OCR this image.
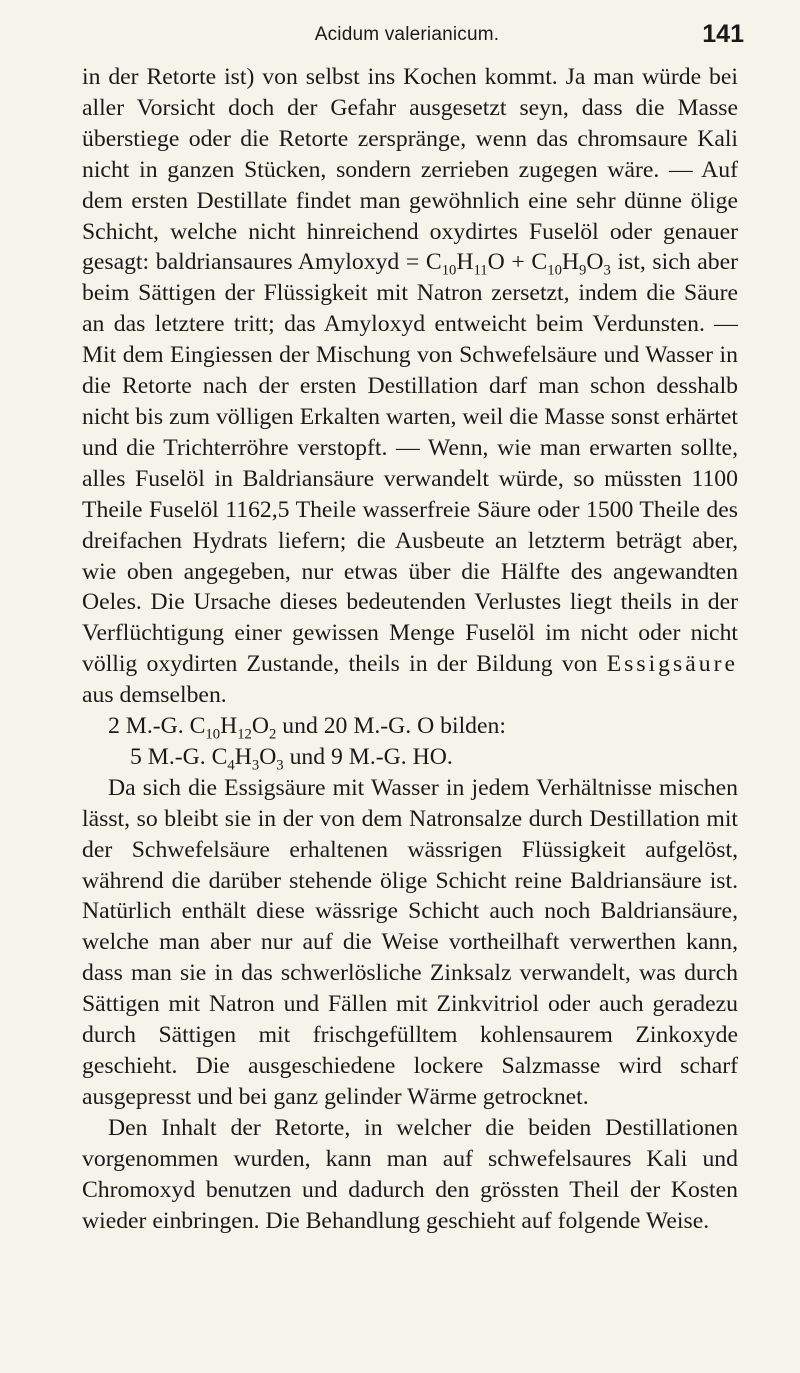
Acidum valerianicum.	141

in der Retorte ist) von selbst ins Kochen kommt. Ja man würde bei aller Vorsicht doch der Gefahr ausgesetzt seyn, dass die Masse überstiege oder die Retorte zerspränge, wenn das chromsaure Kali nicht in ganzen Stücken, sondern zerrieben zugegen wäre. — Auf dem ersten Destillate findet man gewöhnlich eine sehr dünne ölige Schicht, welche nicht hinreichend oxydirtes Fuselöl oder genauer gesagt: baldriansaures Amyloxyd = $C_{10}H_{11}O + C_{10}H_9O_3$ ist, sich aber beim Sättigen der Flüssigkeit mit Natron zersetzt, indem die Säure an das letztere tritt; das Amyloxyd entweicht beim Verdunsten. — Mit dem Eingiessen der Mischung von Schwefelsäure und Wasser in die Retorte nach der ersten Destillation darf man schon desshalb nicht bis zum völligen Erkalten warten, weil die Masse sonst erhärtet und die Trichterröhre verstopft. — Wenn, wie man erwarten sollte, alles Fuselöl in Baldriansäure verwandelt würde, so müssten 1100 Theile Fuselöl 1162,5 Theile wasserfreie Säure oder 1500 Theile des dreifachen Hydrats liefern; die Ausbeute an letzterm beträgt aber, wie oben angegeben, nur etwas über die Hälfte des angewandten Oeles. Die Ursache dieses bedeutenden Verlustes liegt theils in der Verflüchtigung einer gewissen Menge Fuselöl im nicht oder nicht völlig oxydirten Zustande, theils in der Bildung von Essigsäure aus demselben.

2 M.-G. $C_{10}H_{12}O_2$ und 20 M.-G. O bilden:

5 M.-G. $C_4H_3O_3$ und 9 M.-G. HO.

Da sich die Essigsäure mit Wasser in jedem Verhältnisse mischen lässt, so bleibt sie in der von dem Natronsalze durch Destillation mit der Schwefelsäure erhaltenen wässrigen Flüssigkeit aufgelöst, während die darüber stehende ölige Schicht reine Baldriansäure ist. Natürlich enthält diese wässrige Schicht auch noch Baldriansäure, welche man aber nur auf die Weise vortheilhaft verwerthen kann, dass man sie in das schwerlösliche Zinksalz verwandelt, was durch Sättigen mit Natron und Fällen mit Zinkvitriol oder auch geradezu durch Sättigen mit frischgefülltem kohlensaurem Zinkoxyde geschieht. Die ausgeschiedene lockere Salzmasse wird scharf ausgepresst und bei ganz gelinder Wärme getrocknet.

Den Inhalt der Retorte, in welcher die beiden Destillationen vorgenommen wurden, kann man auf schwefelsaures Kali und Chromoxyd benutzen und dadurch den grössten Theil der Kosten wieder einbringen. Die Behandlung geschieht auf folgende Weise.
